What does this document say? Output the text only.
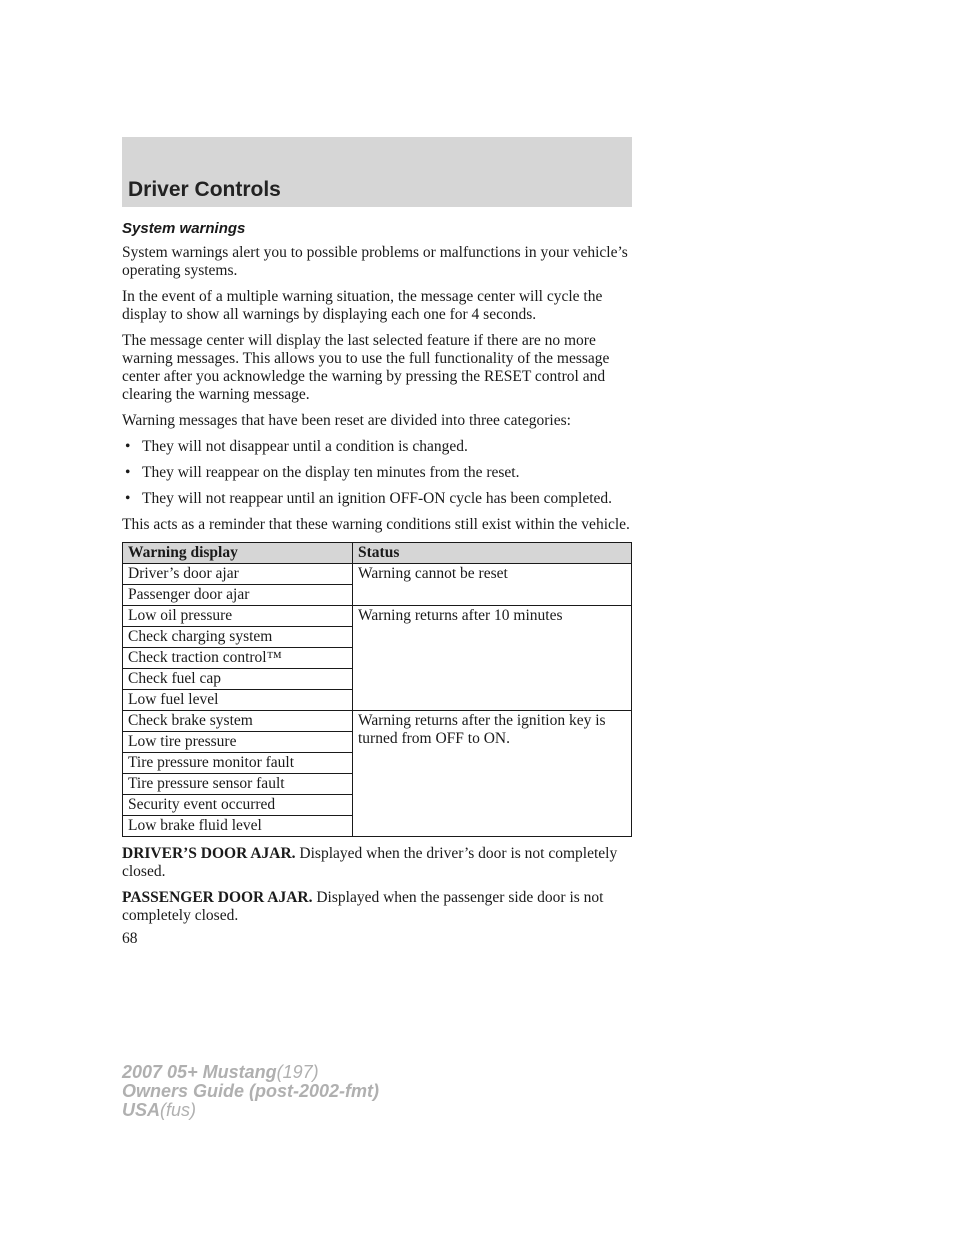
Driver Controls
System warnings

System warnings alert you to possible problems or malfunctions in your vehicle’s operating systems.

In the event of a multiple warning situation, the message center will cycle the display to show all warnings by displaying each one for 4 seconds.

The message center will display the last selected feature if there are no more warning messages. This allows you to use the full functionality of the message center after you acknowledge the warning by pressing the RESET control and clearing the warning message.

Warning messages that have been reset are divided into three categories:

• They will not disappear until a condition is changed.
• They will reappear on the display ten minutes from the reset.
• They will not reappear until an ignition OFF-ON cycle has been completed.

This acts as a reminder that these warning conditions still exist within the vehicle.

Warning display	Status
Driver’s door ajar	Warning cannot be reset
Passenger door ajar	
Low oil pressure	Warning returns after 10 minutes
Check charging system	
Check traction control™	
Check fuel cap	
Low fuel level	
Check brake system	Warning returns after the ignition key is turned from OFF to ON.
Low tire pressure	
Tire pressure monitor fault	
Tire pressure sensor fault	
Security event occurred	
Low brake fluid level	

DRIVER’S DOOR AJAR. Displayed when the driver’s door is not completely closed.

PASSENGER DOOR AJAR. Displayed when the passenger side door is not completely closed.

68
2007 05+ Mustang(197)
Owners Guide (post-2002-fmt)
USA(fus)
